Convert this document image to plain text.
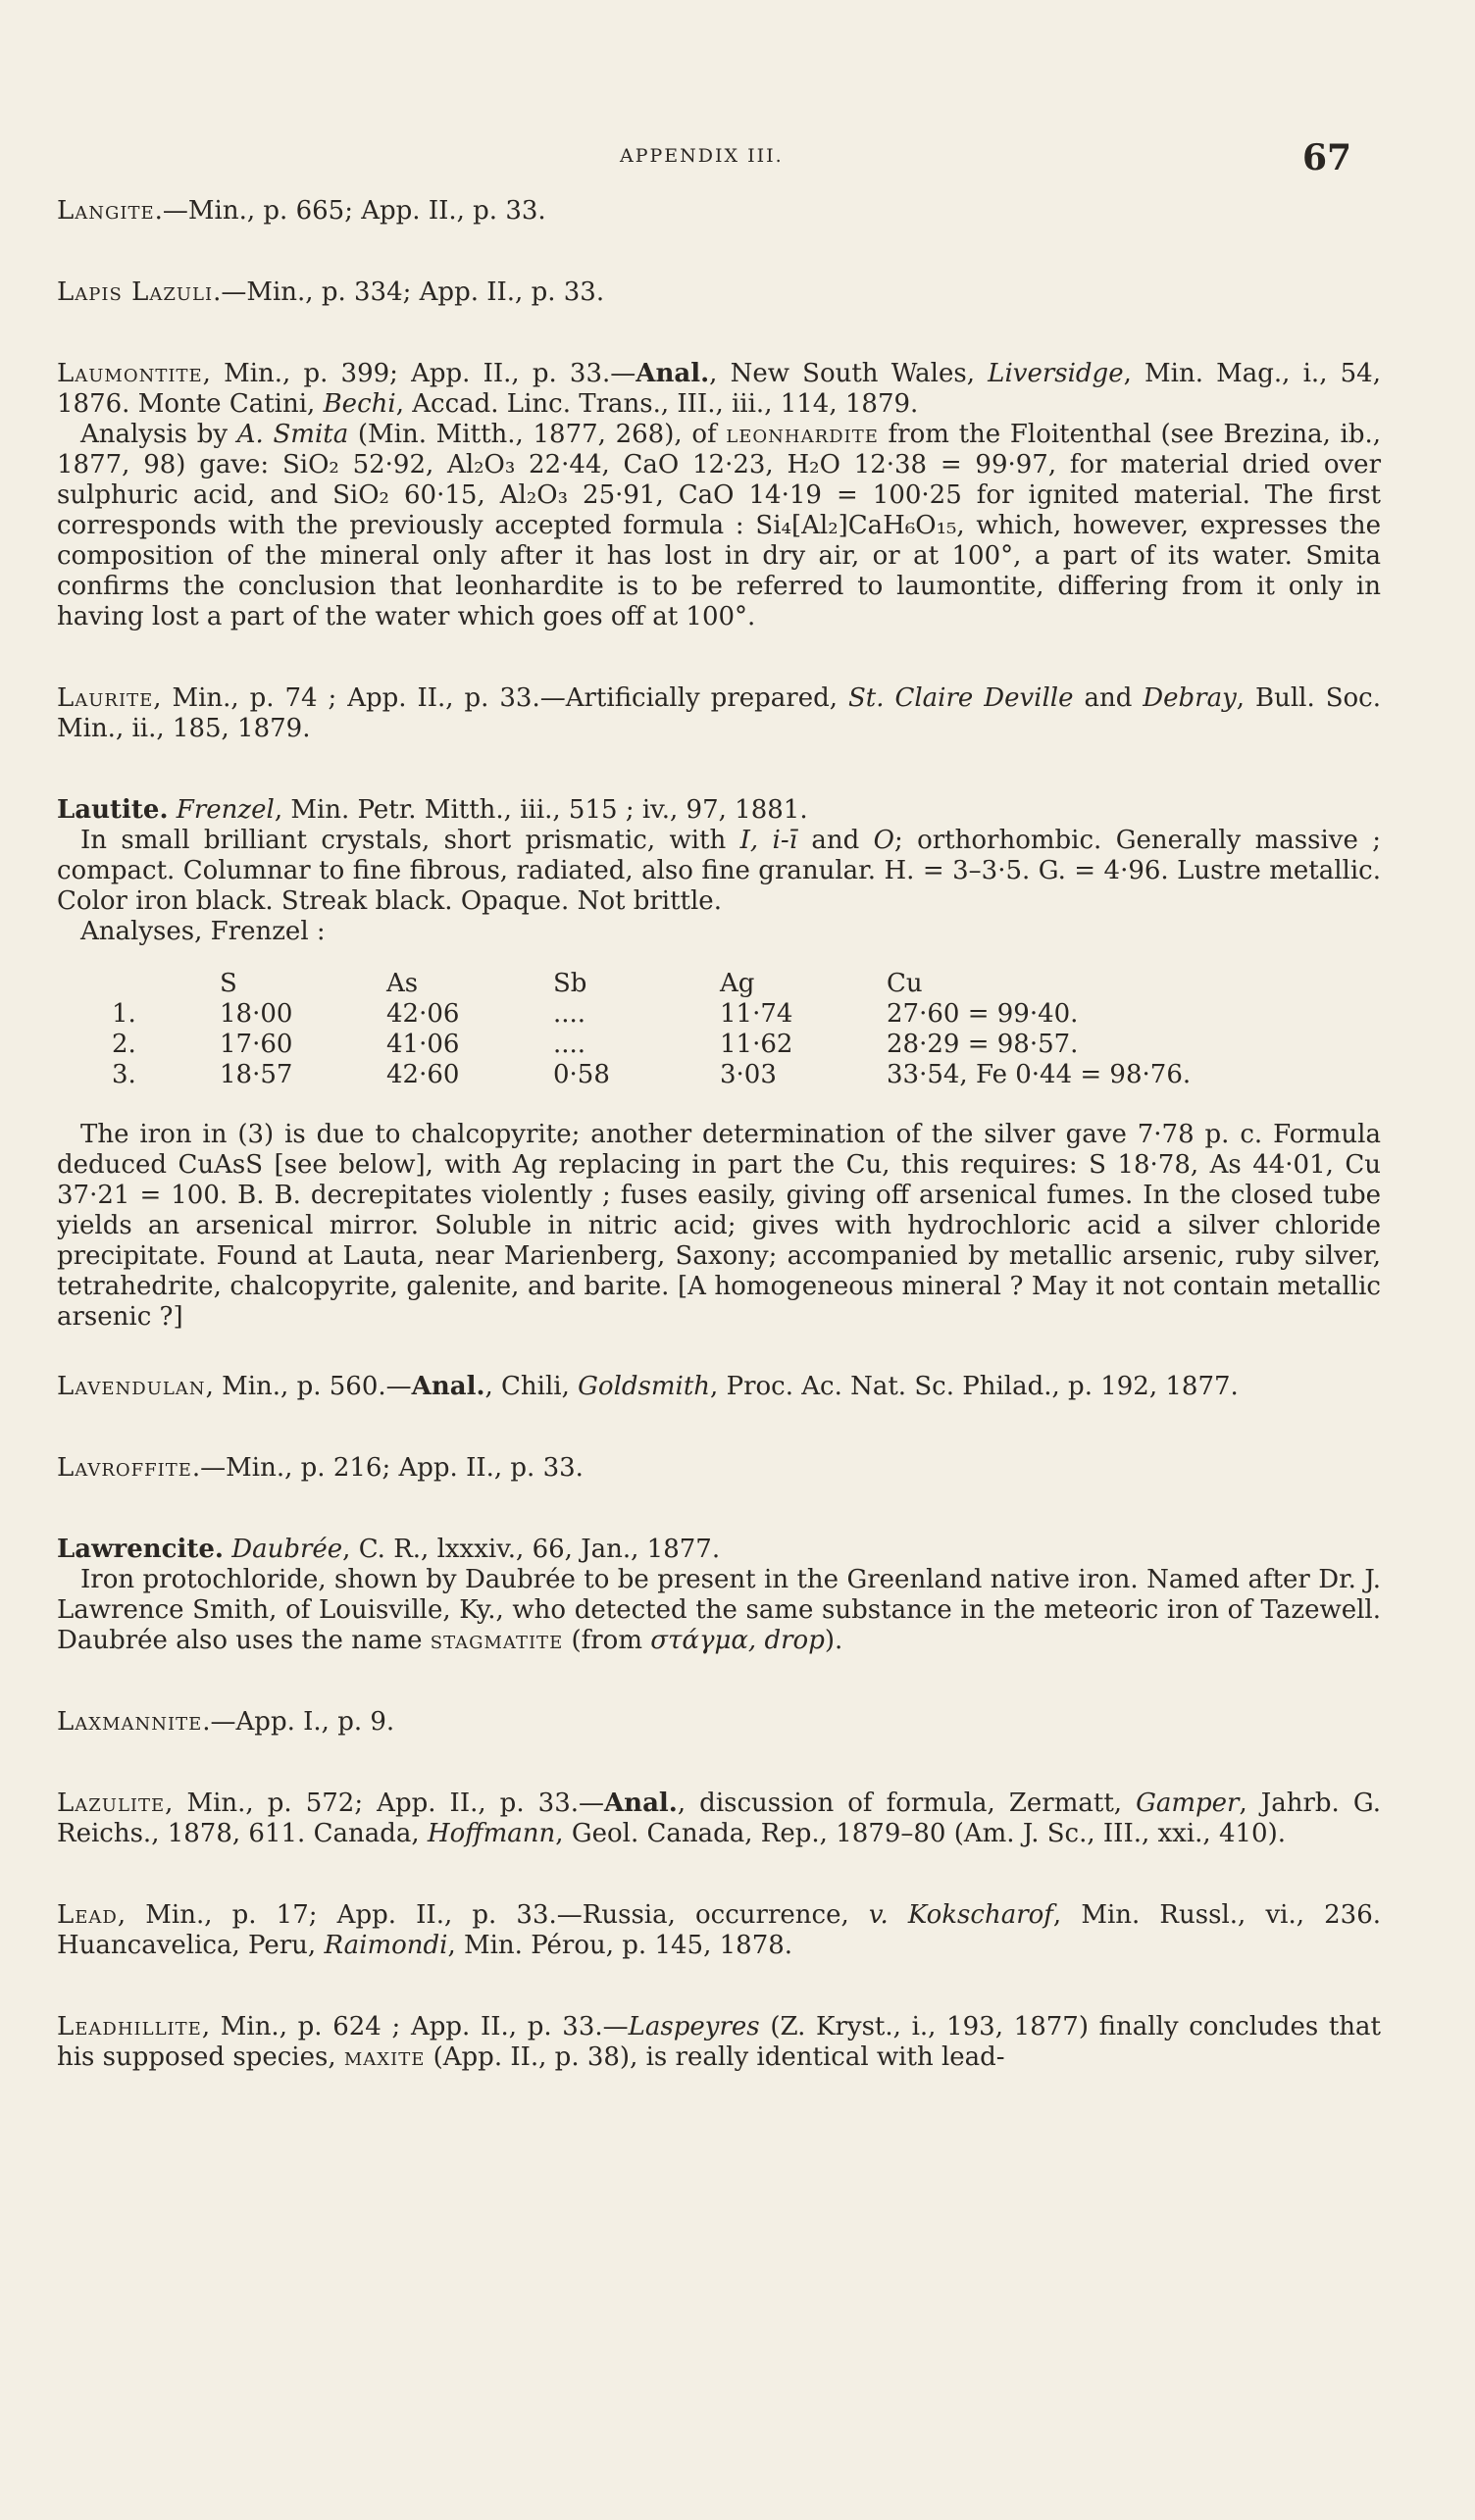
APPENDIX III.	67

Langite.—Min., p. 665; App. II., p. 33.

Lapis Lazuli.—Min., p. 334; App. II., p. 33.

Laumontite, Min., p. 399; App. II., p. 33.—Anal., New South Wales, Liversidge, Min. Mag., i., 54, 1876. Monte Catini, Bechi, Accad. Linc. Trans., III., iii., 114, 1879.

Analysis by A. Smita (Min. Mitth., 1877, 268), of leonhardite from the Floitenthal (see Brezina, ib., 1877, 98) gave: SiO₂ 52·92, Al₂O₃ 22·44, CaO 12·23, H₂O 12·38 = 99·97, for material dried over sulphuric acid, and SiO₂ 60·15, Al₂O₃ 25·91, CaO 14·19 = 100·25 for ignited material. The first corresponds with the previously accepted formula : Si₄[Al₂]CaH₆O₁₅, which, however, expresses the composition of the mineral only after it has lost in dry air, or at 100°, a part of its water. Smita confirms the conclusion that leonhardite is to be referred to laumontite, differing from it only in having lost a part of the water which goes off at 100°.

Laurite, Min., p. 74 ; App. II., p. 33.—Artificially prepared, St. Claire Deville and Debray, Bull. Soc. Min., ii., 185, 1879.

Lautite. Frenzel, Min. Petr. Mitth., iii., 515 ; iv., 97, 1881.

In small brilliant crystals, short prismatic, with I, i-ī and O; orthorhombic. Generally massive ; compact. Columnar to fine fibrous, radiated, also fine granular. H. = 3–3·5. G. = 4·96. Lustre metallic. Color iron black. Streak black. Opaque. Not brittle.

Analyses, Frenzel :

	S	As	Sb	Ag	Cu
1.	18·00	42·06	....	11·74	27·60 = 99·40.
2.	17·60	41·06	....	11·62	28·29 = 98·57.
3.	18·57	42·60	0·58	3·03	33·54, Fe 0·44 = 98·76.

The iron in (3) is due to chalcopyrite; another determination of the silver gave 7·78 p. c. Formula deduced CuAsS [see below], with Ag replacing in part the Cu, this requires: S 18·78, As 44·01, Cu 37·21 = 100. B. B. decrepitates violently ; fuses easily, giving off arsenical fumes. In the closed tube yields an arsenical mirror. Soluble in nitric acid; gives with hydrochloric acid a silver chloride precipitate. Found at Lauta, near Marienberg, Saxony; accompanied by metallic arsenic, ruby silver, tetrahedrite, chalcopyrite, galenite, and barite. [A homogeneous mineral ? May it not contain metallic arsenic ?]

Lavendulan, Min., p. 560.—Anal., Chili, Goldsmith, Proc. Ac. Nat. Sc. Philad., p. 192, 1877.

Lavroffite.—Min., p. 216; App. II., p. 33.

Lawrencite. Daubrée, C. R., lxxxiv., 66, Jan., 1877.

Iron protochloride, shown by Daubrée to be present in the Greenland native iron. Named after Dr. J. Lawrence Smith, of Louisville, Ky., who detected the same substance in the meteoric iron of Tazewell. Daubrée also uses the name stagmatite (from στάγμα, drop).

Laxmannite.—App. I., p. 9.

Lazulite, Min., p. 572; App. II., p. 33.—Anal., discussion of formula, Zermatt, Gamper, Jahrb. G. Reichs., 1878, 611. Canada, Hoffmann, Geol. Canada, Rep., 1879–80 (Am. J. Sc., III., xxi., 410).

Lead, Min., p. 17; App. II., p. 33.—Russia, occurrence, v. Kokscharof, Min. Russl., vi., 236. Huancavelica, Peru, Raimondi, Min. Pérou, p. 145, 1878.

Leadhillite, Min., p. 624 ; App. II., p. 33.—Laspeyres (Z. Kryst., i., 193, 1877) finally concludes that his supposed species, maxite (App. II., p. 38), is really identical with lead-
